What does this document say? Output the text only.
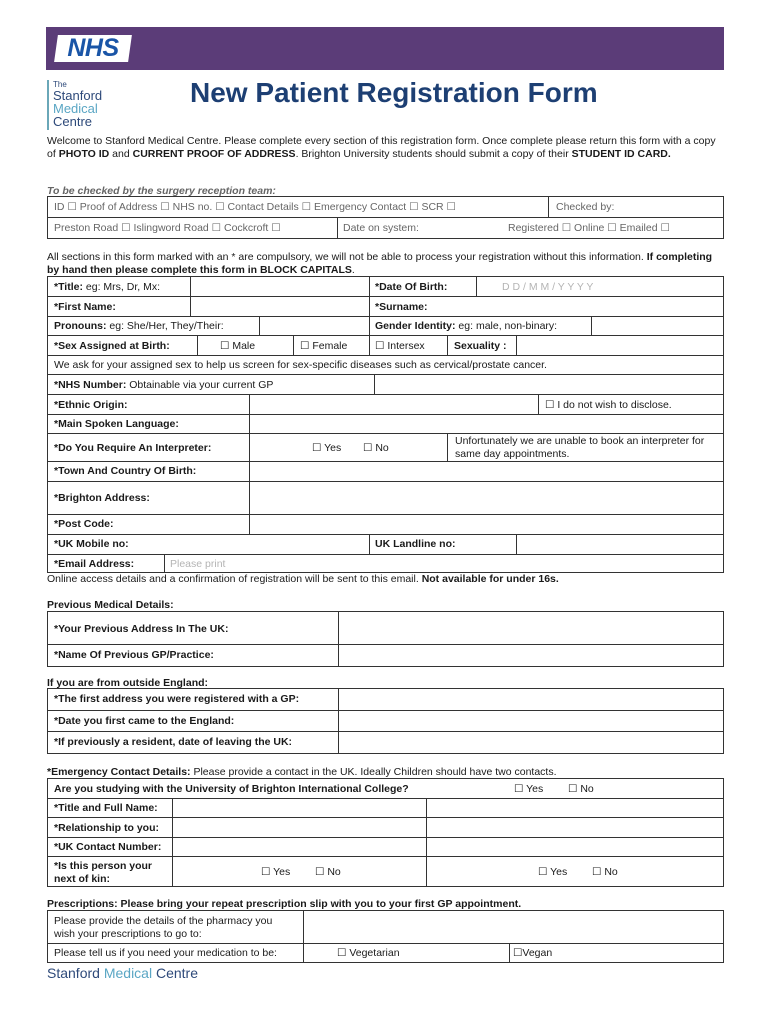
NHS
The
Stanford
Medical
Centre
New Patient Registration Form
Welcome to Stanford Medical Centre. Please complete every section of this registration form. Once complete please return this form with a copy of PHOTO ID and CURRENT PROOF OF ADDRESS. Brighton University students should submit a copy of their STUDENT ID CARD.
To be checked by the surgery reception team:
ID ☐ Proof of Address ☐ NHS no. ☐ Contact Details ☐ Emergency Contact ☐ SCR ☐	Checked by:
Preston Road ☐ Islingword Road ☐ Cockcroft ☐	Date on system:	Registered ☐ Online ☐ Emailed ☐
All sections in this form marked with an * are compulsory, we will not be able to process your registration without this information. If completing by hand then please complete this form in BLOCK CAPITALS.
*Title: eg: Mrs, Dr, Mx:	*Date Of Birth:	D D / M M / Y Y Y Y
*First Name:	*Surname:
Pronouns: eg: She/Her, They/Their:	Gender Identity: eg: male, non-binary:
*Sex Assigned at Birth:	☐ Male	☐ Female	☐ Intersex	Sexuality :
We ask for your assigned sex to help us screen for sex-specific diseases such as cervical/prostate cancer.
*NHS Number: Obtainable via your current GP
*Ethnic Origin:	☐ I do not wish to disclose.
*Main Spoken Language:
*Do You Require An Interpreter:	☐ Yes ☐ No
Unfortunately we are unable to book an interpreter for same day appointments.
*Town And Country Of Birth:
*Brighton Address:
*Post Code:
*UK Mobile no:	UK Landline no:
*Email Address:	Please print
Online access details and a confirmation of registration will be sent to this email. Not available for under 16s.
Previous Medical Details:
*Your Previous Address In The UK:
*Name Of Previous GP/Practice:
If you are from outside England:
*The first address you were registered with a GP:
*Date you first came to the England:
*If previously a resident, date of leaving the UK:
*Emergency Contact Details: Please provide a contact in the UK. Ideally Children should have two contacts.
Are you studying with the University of Brighton International College?	☐ Yes ☐ No
*Title and Full Name:
*Relationship to you:
*UK Contact Number:
*Is this person your
next of kin:
☐ Yes ☐ No	☐ Yes ☐ No
Prescriptions: Please bring your repeat prescription slip with you to your first GP appointment.
Please provide the details of the pharmacy you
wish your prescriptions to go to:
Please tell us if you need your medication to be:	☐ Vegetarian	☐Vegan
Stanford Medical Centre
